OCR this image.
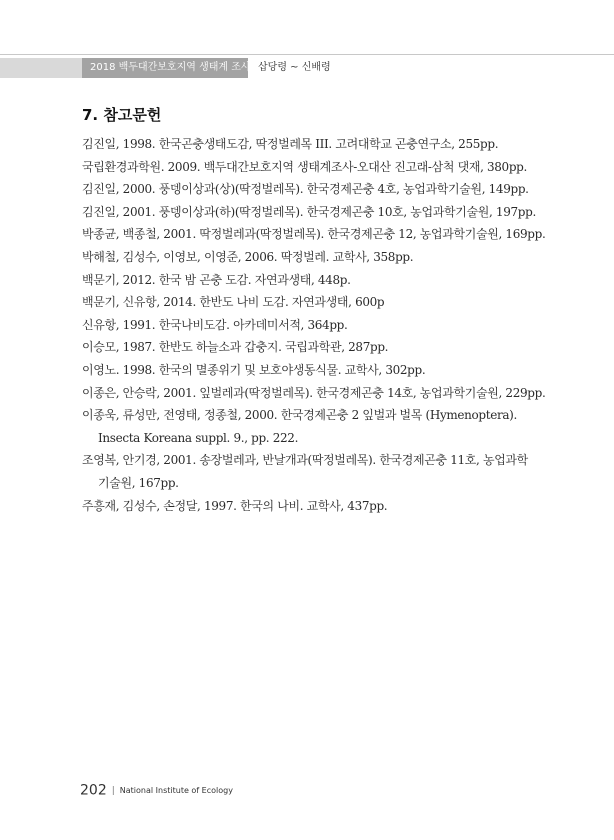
2018 백두대간보호지역 생태계 조사 삽당령 ~ 신배령
7. 참고문헌
김진일, 1998. 한국곤충생태도감, 딱정벌레목 III. 고려대학교 곤충연구소, 255pp.
국립환경과학원. 2009. 백두대간보호지역 생태계조사-오대산 진고래-삼척 댓재, 380pp.
김진일, 2000. 풍뎅이상과(상)(딱정벌레목). 한국경제곤충 4호, 농업과학기술원, 149pp.
김진일, 2001. 풍뎅이상과(하)(딱정벌레목). 한국경제곤충 10호, 농업과학기술원, 197pp.
박종균, 백종철, 2001. 딱정벌레과(딱정벌레목). 한국경제곤충 12, 농업과학기술원, 169pp.
박해철, 김성수, 이영보, 이영준, 2006. 딱정벌레. 교학사, 358pp.
백문기, 2012. 한국 밤 곤충 도감. 자연과생태, 448p.
백문기, 신유항, 2014. 한반도 나비 도감. 자연과생태, 600p
신유항, 1991. 한국나비도감. 아카데미서적, 364pp.
이승모, 1987. 한반도 하늘소과 갑충지. 국립과학관, 287pp.
이영노. 1998. 한국의 멸종위기 및 보호야생동식물. 교학사, 302pp.
이종은, 안승락, 2001. 잎벌레과(딱정벌레목). 한국경제곤충 14호, 농업과학기술원, 229pp.
이종욱, 류성만, 전영태, 정종철, 2000. 한국경제곤충 2 잎벌과 벌목 (Hymenoptera). Insecta Koreana suppl. 9., pp. 222.
조영복, 안기경, 2001. 송장벌레과, 반날개과(딱정벌레목). 한국경제곤충 11호, 농업과학기술원, 167pp.
주흥재, 김성수, 손정달, 1997. 한국의 나비. 교학사, 437pp.
202 | National Institute of Ecology
